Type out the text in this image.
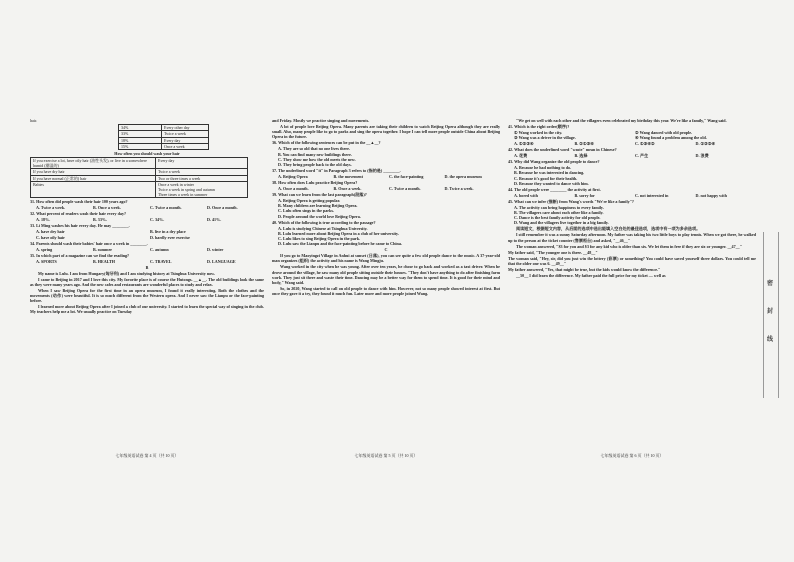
hair.

34%	Every other day
33%	Twice a week
18%	Every day
15%	Once a week

How often you should wash your hair

If you exercise a lot, have oily hair (油性头发), or live in a somewhere humid (潮湿的)	Every day
If you have dry hair	Twice a week
If you have normal (正常的) hair	Two or three times a week
Babies	Once a week in winter
Twice a week in spring and autumn
Three times a week in summer

31. How often did people wash their hair 100 years ago?

A. Twice a week.	B. Once a week.	C. Twice a month.	D. Once a month.

32. What percent of readers wash their hair every day?

A. 18%.	B. 33%.	C. 34%.	D. 41%.

33. Li Ming washes his hair every day. He may ________.

A. have dry hair	B. live in a dry place
C. have oily hair	D. hardly ever exercise

34. Parents should wash their babies' hair once a week in ________.

A. spring	B. summer	C. autumn	D. winter

35. In which part of a magazine can we find the reading?

A. SPORTS	B. HEALTH	C. TRAVEL	D. LANGUAGE

B

My name is Lulu. I am from Hungary(匈牙利) and I am studying history at Tsinghua University now.

I came to Beijing in 2017 and I love this city. My favorite place is of course the Hutongs. __▲__. The old buildings look the same as they were many years ago. And the new cafes and restaurants are wonderful places to study and relax.

When I saw Beijing Opera for the first time in an opera museum, I found it really interesting. Both the clothes and the movements (动作) were beautiful. It is so much different from the Western opera. And I never saw the Lianpu or the face-painting before.

I learned more about Beijing Opera after I joined a club of our university. I started to learn the special way of singing in the club. My teachers help me a lot. We usually practice on Tuesday

七年级英语试卷 第 4 页（共 10 页）

and Friday. Mostly we practice singing and movements.

A lot of people love Beijing Opera. Many parents are taking their children to watch Beijing Opera although they are really small. Also, many people like to go to parks and sing the opera together. I hope I can tell more people outside China about Beijing Opera in the future.

36. Which of the following sentences can be put in the __▲__?

A. They are so old that no one lives there.
B. You can find many new buildings there.
C. They show me how the old meets the new.
D. They bring people back to the old days.

37. The underlined word "it" in Paragraph 3 refers to (指的是) ________.

A. Beijing Opera	B. the movement	C. the face-painting	D. the opera museum

38. How often does Lulu practice Beijing Opera?

A. Once a month.	B. Once a week.	C. Twice a month.	D. Twice a week.

39. What can we learn from the last paragraph(段落)?

A. Beijing Opera is getting popular.
B. Many children are learning Beijing Opera.
C. Lulu often sings in the parks.
D. People around the world love Beijing Opera.

40. Which of the following is true according to the passage?

A. Lulu is studying Chinese at Tsinghua University.
B. Lulu learned more about Beijing Opera in a club of her university.
C. Lulu likes to sing Beijing Opera in the park.
D. Lulu saw the Lianpu and the face-painting before he came to China.

C

If you go to Maoyingzi Village in Anhui at sunset (日落), you can see quite a few old people dance to the music. A 37-year-old man organizes (组织) the activity and his name is Wang Mingju.

Wang worked in the city when he was young. After over ten years, he chose to go back and worked as a taxi driver. When he drove around the village, he saw many old people sitting outside their houses. "They don't have anything to do after finishing farm work. They just sit there and waste their time. Dancing may be a better way for them to spend time. It is good for their mind and body," Wang said.

So, in 2020, Wang started to call on old people to dance with him. However, not so many people showed interest at first. But once they gave it a try, they found it much fun. Later more and more people joined Wang.

七年级英语试卷 第 5 页（共 10 页）

"We get on well with each other and the villagers even celebrated my birthday this year. We're like a family," Wang said.

41. Which is the right order(顺序)?

① Wang worked in the city.	② Wang danced with old people.
③ Wang was a driver in the village.	④ Wang found a problem among the old.
A. ①②③④	B. ②①③④	C. ①③④②	D. ①③②④

42. What does the underlined word "waste" mean in Chinese?

A. 花费	B. 选择	C. 产生	D. 浪费

43. Why did Wang organize the old people to dance?

A. Because he had nothing to do.
B. Because he was interested in dancing.
C. Because it's good for their health.
D. Because they wanted to dance with him.

44. The old people were ________ the activity at first.

A. bored with	B. sorry for	C. not interested in	D. not happy with

45. What can we infer (推断) from Wang's words "We're like a family"?

A. The activity can bring happiness to every family.
B. The villagers care about each other like a family.
C. Dance is the best family activity for old people.
D. Wang and the villagers live together in a big family.

阅读短文，根据短文内容，从后面的选项中选出能填入空白处的最佳选项，选项中有一项为多余选项。

I still remember it was a sunny Saturday afternoon. My father was taking his two little boys to play tennis. When we got there, he walked up to the person at the ticket counter (售票柜台) and asked, "__46__"

The woman answered, "$3 for you and $3 for any kid who is older than six. We let them in free if they are six or younger. __47__"

My father said, "The younger one is three. __48__"

The woman said, "Hey, sir, did you just win the lottery (彩票) or something? You could have saved yourself three dollars. You could tell me that the older one was 6. __49__"

My father answered, "Yes, that might be true, but the kids would know the difference."

__50__ I did learn the difference. My father paid the full price for my ticket — well as

七年级英语试卷 第 6 页（共 10 页）
密
封
线
